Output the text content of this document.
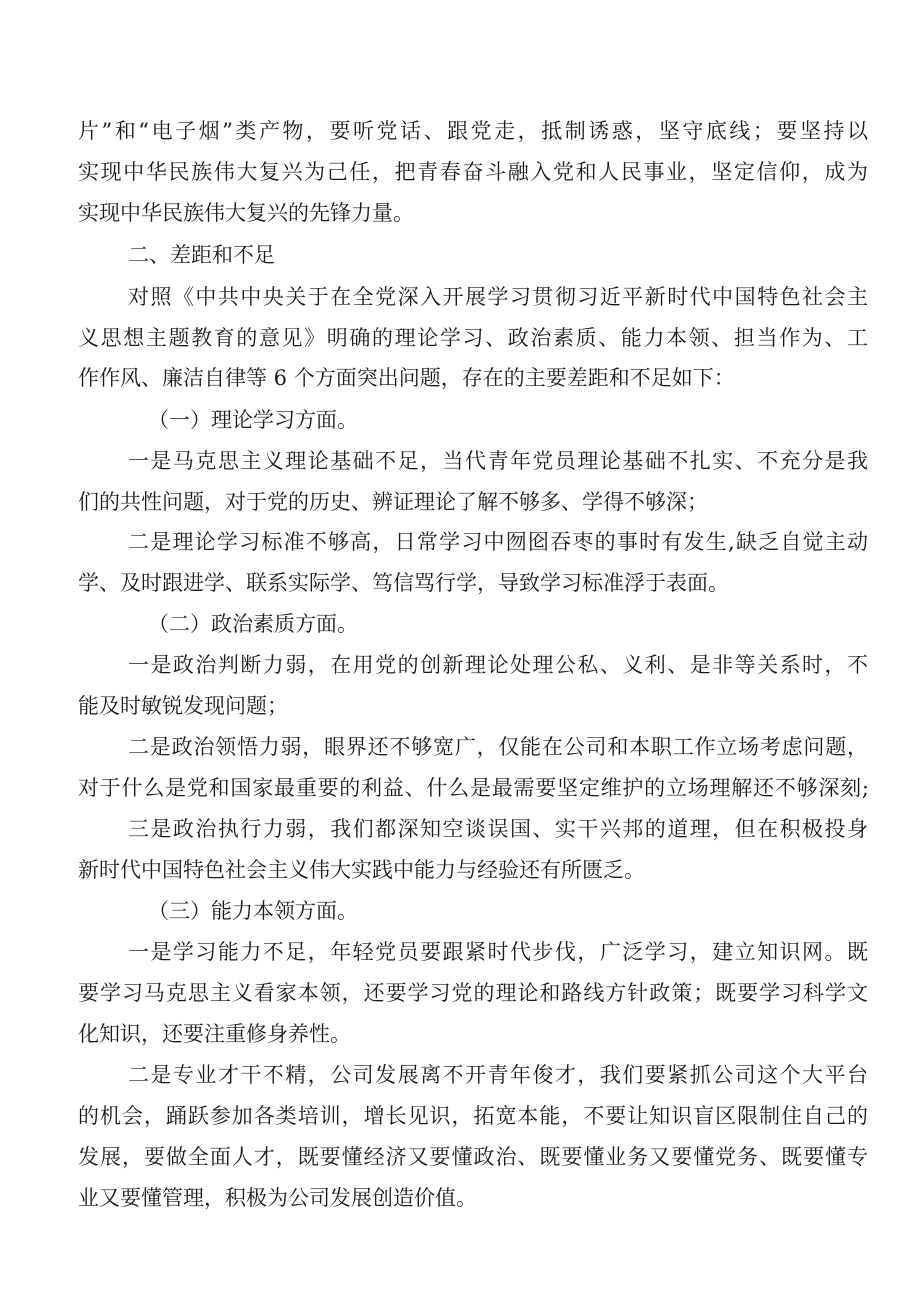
片”和“电子烟”类产物，要听党话、跟党走，抵制诱惑，坚守底线；要坚持以
实现中华民族伟大复兴为己任，把青春奋斗融入党和人民事业，坚定信仰，成为
实现中华民族伟大复兴的先锋力量。
二、差距和不足
对照《中共中央关于在全党深入开展学习贯彻习近平新时代中国特色社会主
义思想主题教育的意见》明确的理论学习、政治素质、能力本领、担当作为、工
作作风、廉洁自律等 6 个方面突出问题，存在的主要差距和不足如下：
（一）理论学习方面。
一是马克思主义理论基础不足，当代青年党员理论基础不扎实、不充分是我
们的共性问题，对于党的历史、辨证理论了解不够多、学得不够深；
二是理论学习标准不够高，日常学习中囫囵吞枣的事时有发生,缺乏自觉主动
学、及时跟进学、联系实际学、笃信骂行学，导致学习标准浮于表面。
（二）政治素质方面。
一是政治判断力弱，在用党的创新理论处理公私、义利、是非等关系时，不
能及时敏锐发现问题；
二是政治领悟力弱，眼界还不够宽广，仅能在公司和本职工作立场考虑问题，
对于什么是党和国家最重要的利益、什么是最需要坚定维护的立场理解还不够深刻;
三是政治执行力弱，我们都深知空谈误国、实干兴邦的道理，但在积极投身
新时代中国特色社会主义伟大实践中能力与经验还有所匮乏。
（三）能力本领方面。
一是学习能力不足，年轻党员要跟紧时代步伐，广泛学习，建立知识网。既
要学习马克思主义看家本领，还要学习党的理论和路线方针政策；既要学习科学文
化知识，还要注重修身养性。
二是专业才干不精，公司发展离不开青年俊才，我们要紧抓公司这个大平台
的机会，踊跃参加各类培训，增长见识，拓宽本能，不要让知识盲区限制住自己的
发展，要做全面人才，既要懂经济又要懂政治、既要懂业务又要懂党务、既要懂专
业又要懂管理，积极为公司发展创造价值。
